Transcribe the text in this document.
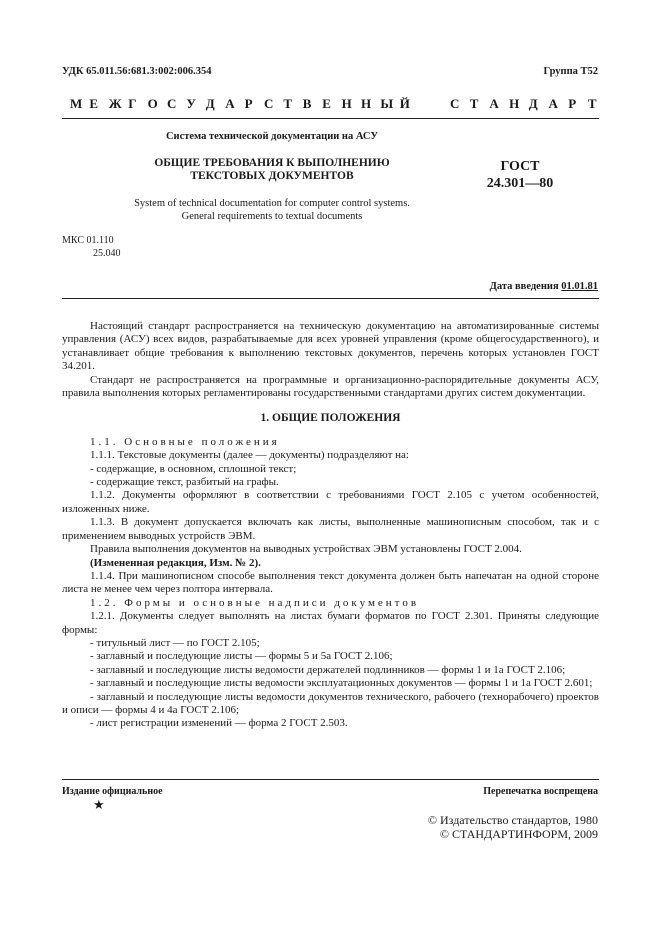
УДК 65.011.56:681.3:002:006.354	Группа Т52
М Е Ж Г О С У Д А Р С Т В Е Н Н Ы Й	С Т А Н Д А Р Т
Система технической документации на АСУ
ОБЩИЕ ТРЕБОВАНИЯ К ВЫПОЛНЕНИЮ
ТЕКСТОВЫХ ДОКУМЕНТОВ
ГОСТ
24.301—80
System of technical documentation for computer control systems.
General requirements to textual documents
МКС 01.110
25.040
Дата введения 01.01.81

Настоящий стандарт распространяется на техническую документацию на автоматизированные системы управления (АСУ) всех видов, разрабатываемые для всех уровней управления (кроме общегосударственного), и устанавливает общие требования к выполнению текстовых документов, перечень которых установлен ГОСТ 34.201.

Стандарт не распространяется на программные и организационно-распорядительные документы АСУ, правила выполнения которых регламентированы государственными стандартами других систем документации.

1. ОБЩИЕ ПОЛОЖЕНИЯ

1.1. Основные положения

1.1.1. Текстовые документы (далее — документы) подразделяют на:

- содержащие, в основном, сплошной текст;

- содержащие текст, разбитый на графы.

1.1.2. Документы оформляют в соответствии с требованиями ГОСТ 2.105 с учетом особенностей, изложенных ниже.

1.1.3. В документ допускается включать как листы, выполненные машинописным способом, так и с применением выводных устройств ЭВМ.

Правила выполнения документов на выводных устройствах ЭВМ установлены ГОСТ 2.004.

(Измененная редакция, Изм. № 2).

1.1.4. При машинописном способе выполнения текст документа должен быть напечатан на одной стороне листа не менее чем через полтора интервала.

1.2. Формы и основные надписи документов

1.2.1. Документы следует выполнять на листах бумаги форматов по ГОСТ 2.301. Приняты следующие формы:

- титульный лист — по ГОСТ 2.105;

- заглавный и последующие листы — формы 5 и 5а ГОСТ 2.106;

- заглавный и последующие листы ведомости держателей подлинников — формы 1 и 1а ГОСТ 2.106;

- заглавный и последующие листы ведомости эксплуатационных документов — формы 1 и 1а ГОСТ 2.601;

- заглавный и последующие листы ведомости документов технического, рабочего (технорабочего) проектов и описи — формы 4 и 4а ГОСТ 2.106;

- лист регистрации изменений — форма 2 ГОСТ 2.503.

Издание официальное
★
Перепечатка воспрещена
© Издательство стандартов, 1980
© СТАНДАРТИНФОРМ, 2009
